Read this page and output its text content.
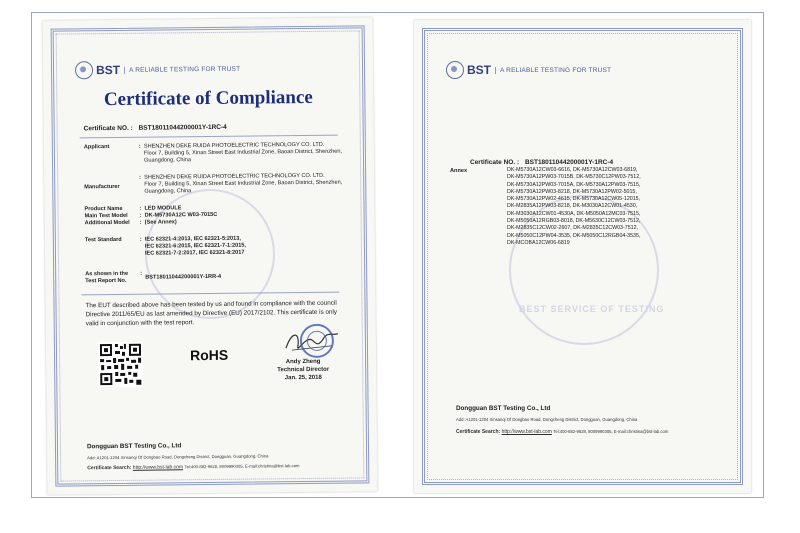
BST	A RELIABLE TESTING FOR TRUST
Certificate of Compliance
Certificate NO. : BST18011044200001Y-1RC-4
Applicant	: SHENZHEN DEKE RUIDA PHOTOELECTRIC TECHNOLOGY CO. LTD.
Floor 7, Building 5, Xinan Street East Industrial Zone, Baoan District, Shenzhen, Guangdong, China
Manufacturer
: SHENZHEN DEKE RUIDA PHOTOELECTRIC TECHNOLOGY CO. LTD.
Floor 7, Building 5, Xinan Street East Industrial Zone, Baoan District, Shenzhen, Guangdong, China
Product Name	: LED MODULE
Main Test Model : DK-M5730A12C W03-7015C
Additional Model : (See Annex)
Test Standard	: IEC 62321-4:2013, IEC 62321-5:2013,
IEC 62321-6:2015, IEC 62321-7-1:2015,
IEC 62321-7-2:2017, IEC 62321-8:2017
As shown in the
Test Report No.
:
BST18011044200001Y-1RR-4
The EUT described above has been tested by us and found in compliance with the council Directive 2011/65/EU as last amended by Directive (EU) 2017/2102. This certificate is only valid in conjunction with the test report.
RoHS	Andy Zheng
Technical Director
Jan. 25, 2018
Dongguan BST Testing Co., Ltd
Add: A1201-1204 Xinsanqi Of Dongbao Road, Dongcheng District, Dongguan, Guangdong, China
Certificate Search: http://www.bst-lab.com Tel:400-882-9628, 8009990305, E-mail:christina@bst-lab.com
BEST SERVICE OF TESTING
BST	A RELIABLE TESTING FOR TRUST
Certificate NO. : BST18011044200001Y-1RC-4
Annex	DK-M5730A12CW03-6616, DK-M5730A12CW03-6819,
DK-M5730A12PW03-7015B, DK-M5730C12PW03-7512,
DK-M5730A12PW03-7015A, DK-M5730A12PW03-7515,
DK-M5730A12PW03-8218, DK-M5730A12PW02-5015,
DK-M5730A12PW02-4615, DK-M5730A12CW05-12015,
DK-M2835A12PW03-8218, DK-M3030A12CW01-4530,
DK-M3030A12CW01-4530A, DK-M5050A12MC03-7515,
DK-M5050A12RGB03-8018, DK-M5630C12CW03-7512,
DK-M2835C12CW02-2607, DK-M2835C12CW03-7512,
DK-M5050C12PW04-3535, DK-M5050C12RGB04-3535,
DK-MCOBA12CW06-6819
Dongguan BST Testing Co., Ltd
Add: A1201-1204 Xinsanqi Of Dongbao Road, Dongcheng District, Dongguan, Guangdong, China
Certificate Search: http://www.bst-lab.com Tel:400-882-9628, 8009990305, E-mail:christina@bst-lab.com
